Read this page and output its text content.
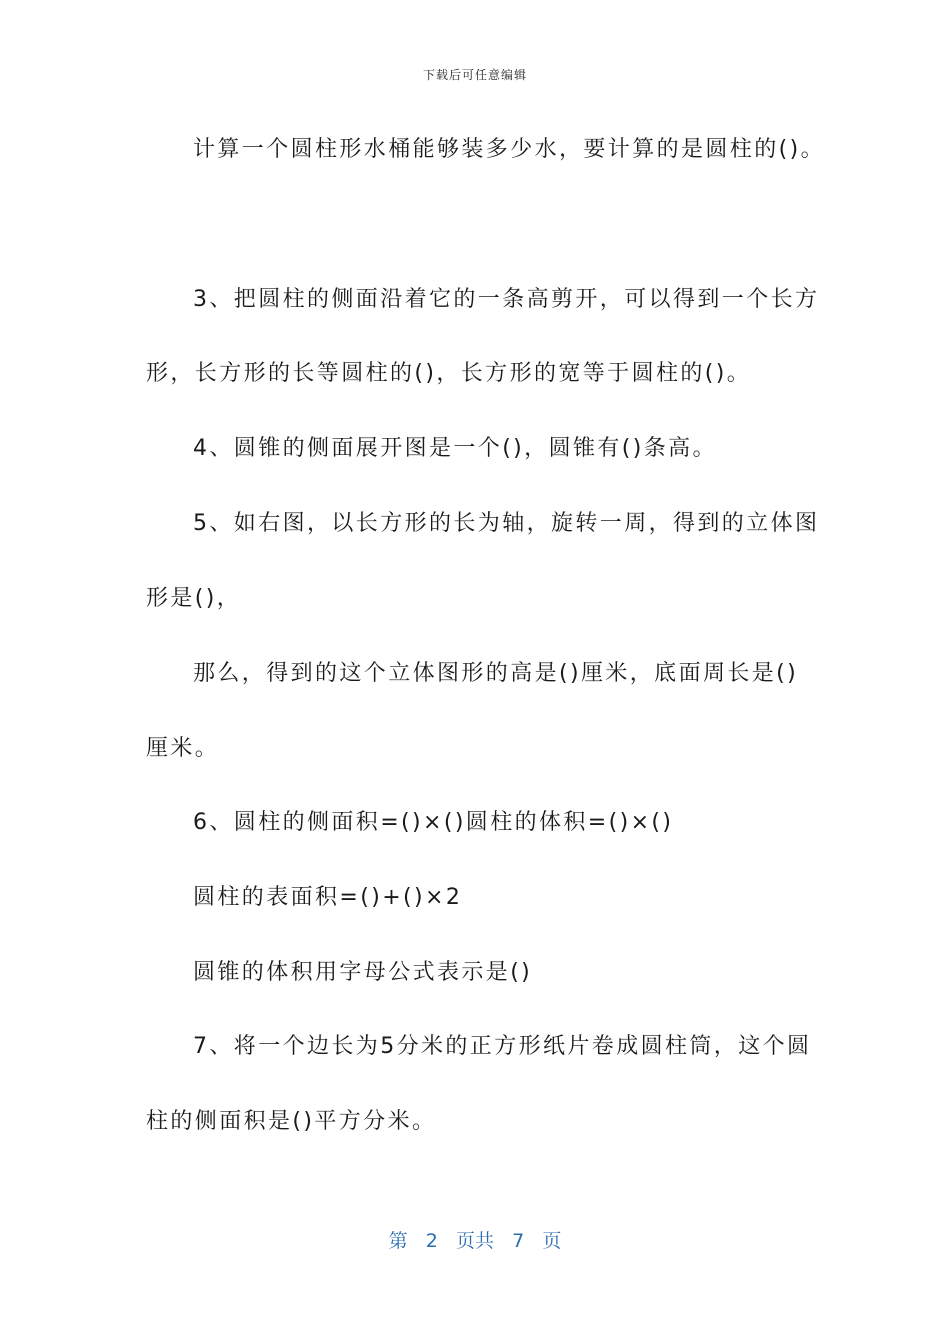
下载后可任意编辑
计算一个圆柱形水桶能够装多少水，要计算的是圆柱的()。
3、把圆柱的侧面沿着它的一条高剪开，可以得到一个长方
形，长方形的长等圆柱的()，长方形的宽等于圆柱的()。
4、圆锥的侧面展开图是一个()，圆锥有()条高。
5、如右图，以长方形的长为轴，旋转一周，得到的立体图
形是()，
那么，得到的这个立体图形的高是()厘米，底面周长是()
厘米。
6、圆柱的侧面积=()×()圆柱的体积=()×()
圆柱的表面积=()+()×2
圆锥的体积用字母公式表示是()
7、将一个边长为5分米的正方形纸片卷成圆柱筒，这个圆
柱的侧面积是()平方分米。
第 2 页共 7 页
